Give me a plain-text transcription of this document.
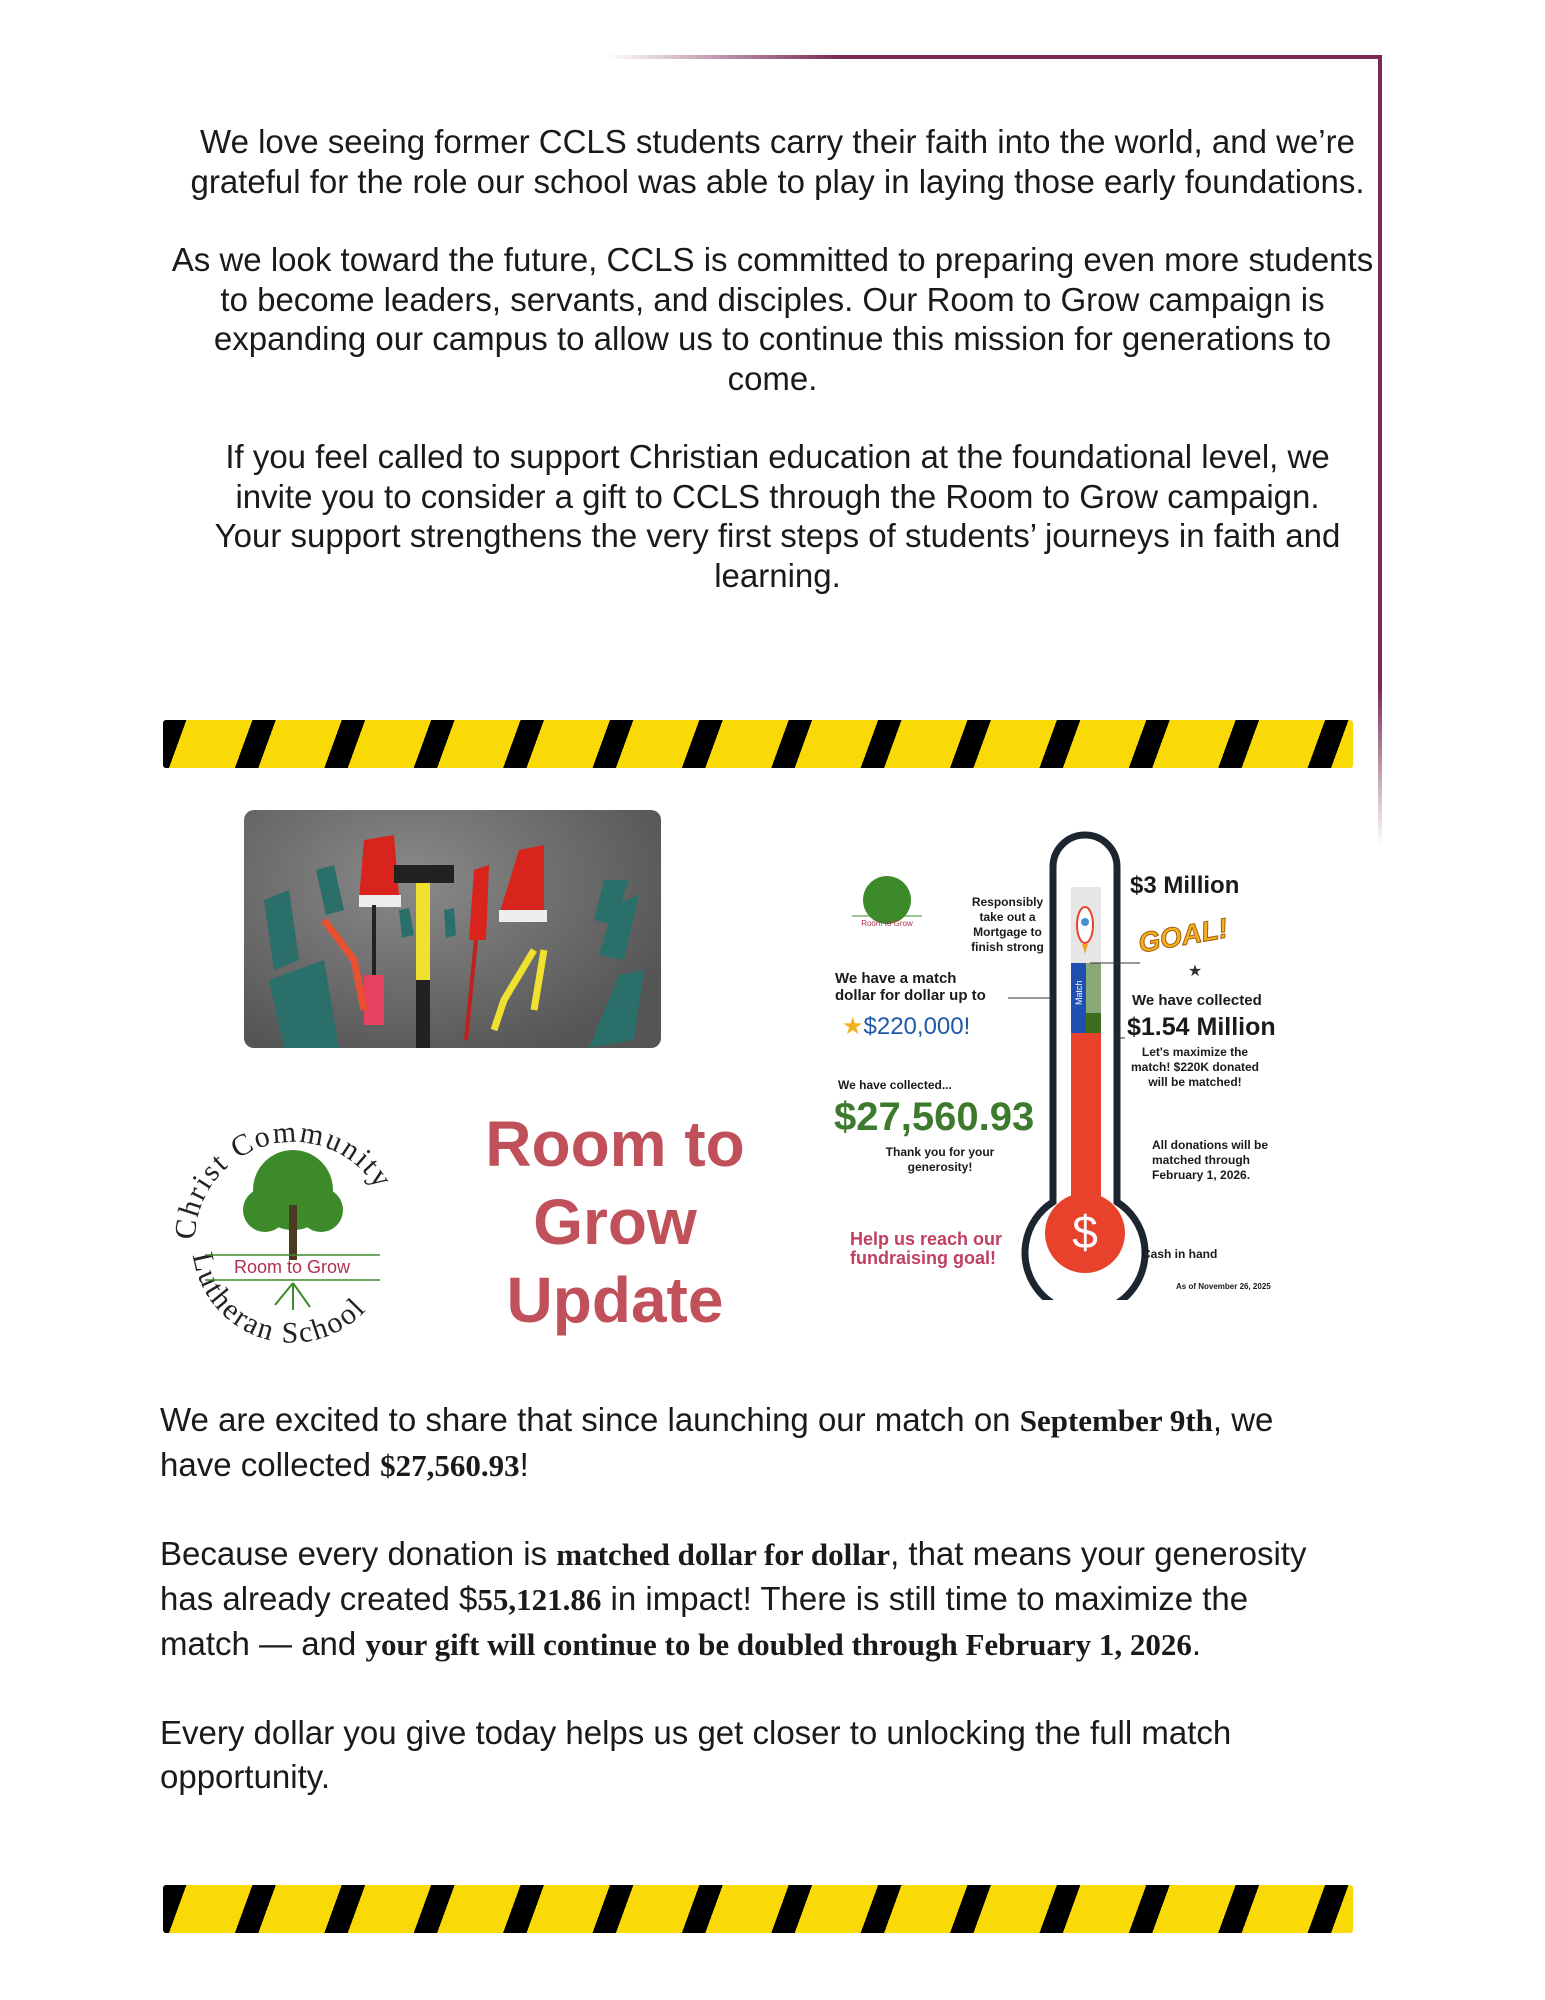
We love seeing former CCLS students carry their faith into the world, and we’re grateful for the role our school was able to play in laying those early foundations.

As we look toward the future, CCLS is committed to preparing even more students to become leaders, servants, and disciples. Our Room to Grow campaign is expanding our campus to allow us to continue this mission for generations to come.

If you feel called to support Christian education at the foundational level, we invite you to consider a gift to CCLS through the Room to Grow campaign. Your support strengthens the very first steps of students’ journeys in faith and learning.

Christ Community
Lutheran School
Room to Grow
Room to
Grow
Update
$
Match
★
Room to Grow
Responsibly
take out a
Mortgage to
finish strong
$3 Million
GOAL!
We have a match
dollar for dollar up to
★$220,000!
We have collected
$1.54 Million
Let's maximize the
match! $220K donated
will be matched!
We have collected...
$27,560.93
Thank you for your
generosity!
All donations will be
matched through
February 1, 2026.
Help us reach our
fundraising goal!	Cash in hand
As of November 26, 2025

We are excited to share that since launching our match on September 9th, we have collected $27,560.93!

Because every donation is matched dollar for dollar, that means your generosity has already created $55,121.86 in impact! There is still time to maximize the match — and your gift will continue to be doubled through February 1, 2026.

Every dollar you give today helps us get closer to unlocking the full match opportunity.
